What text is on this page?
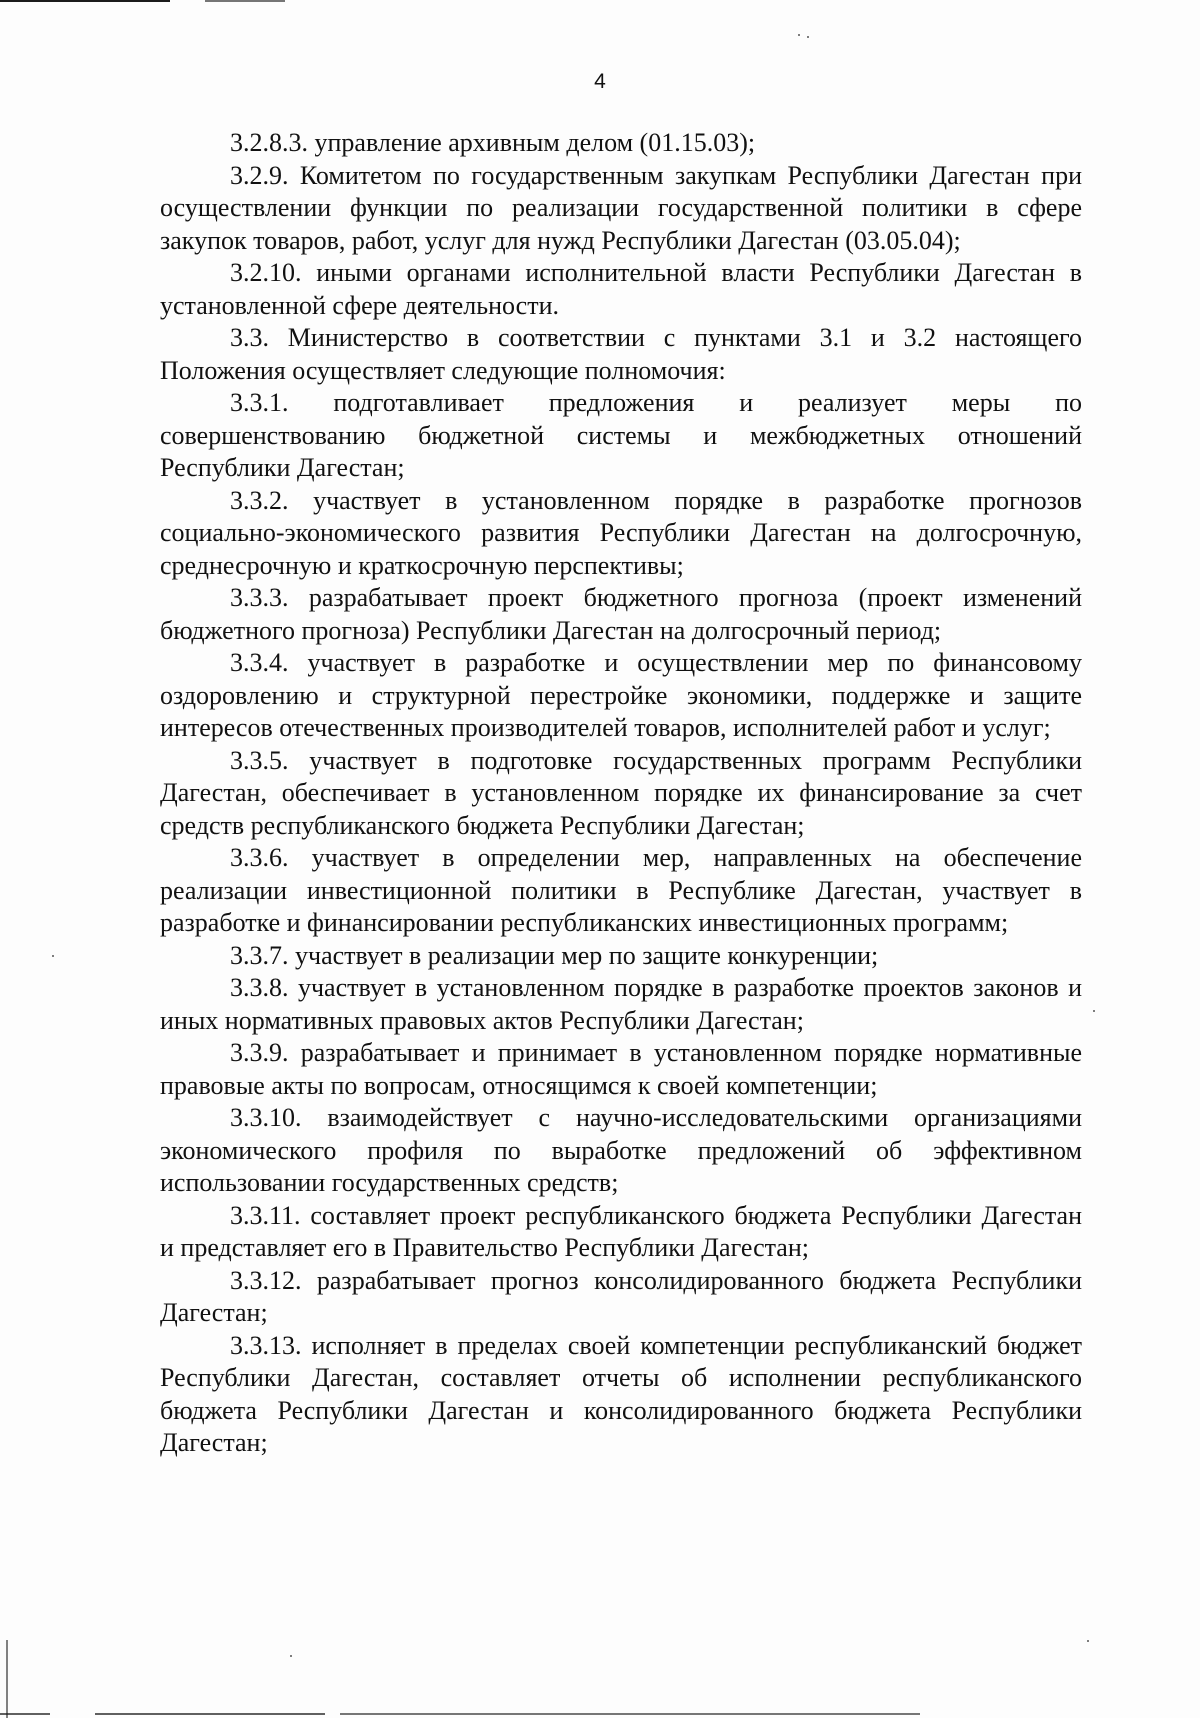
4

3.2.8.3. управление архивным делом (01.15.03);

3.2.9. Комитетом по государственным закупкам Республики Дагестан при осуществлении функции по реализации государственной политики в сфере закупок товаров, работ, услуг для нужд Республики Дагестан (03.05.04);

3.2.10. иными органами исполнительной власти Республики Дагестан в установленной сфере деятельности.

3.3. Министерство в соответствии с пунктами 3.1 и 3.2 настоящего Положения осуществляет следующие полномочия:

3.3.1. подготавливает предложения и реализует меры по совершенствованию бюджетной системы и межбюджетных отношений Республики Дагестан;

3.3.2. участвует в установленном порядке в разработке прогнозов социально-экономического развития Республики Дагестан на долгосрочную, среднесрочную и краткосрочную перспективы;

3.3.3. разрабатывает проект бюджетного прогноза (проект изменений бюджетного прогноза) Республики Дагестан на долгосрочный период;

3.3.4. участвует в разработке и осуществлении мер по финансовому оздоровлению и структурной перестройке экономики, поддержке и защите интересов отечественных производителей товаров, исполнителей работ и услуг;

3.3.5. участвует в подготовке государственных программ Республики Дагестан, обеспечивает в установленном порядке их финансирование за счет средств республиканского бюджета Республики Дагестан;

3.3.6. участвует в определении мер, направленных на обеспечение реализации инвестиционной политики в Республике Дагестан, участвует в разработке и финансировании республиканских инвестиционных программ;

3.3.7. участвует в реализации мер по защите конкуренции;

3.3.8. участвует в установленном порядке в разработке проектов законов и иных нормативных правовых актов Республики Дагестан;

3.3.9. разрабатывает и принимает в установленном порядке нормативные правовые акты по вопросам, относящимся к своей компетенции;

3.3.10. взаимодействует с научно-исследовательскими организациями экономического профиля по выработке предложений об эффективном использовании государственных средств;

3.3.11. составляет проект республиканского бюджета Республики Дагестан и представляет его в Правительство Республики Дагестан;

3.3.12. разрабатывает прогноз консолидированного бюджета Республики Дагестан;

3.3.13. исполняет в пределах своей компетенции республиканский бюджет Республики Дагестан, составляет отчеты об исполнении республиканского бюджета Республики Дагестан и консолидированного бюджета Республики Дагестан;
